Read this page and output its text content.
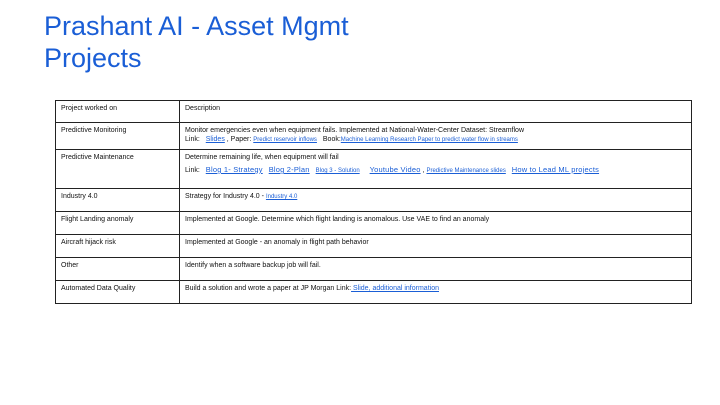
Prashant AI - Asset Mgmt
Projects
Project worked on	Description
Predictive Monitoring	Monitor emergencies even when equipment fails. Implemented at National-Water-Center Dataset: Streamflow
Link: Slides , Paper: Predict reservoir inflows Book:Machine Learning Research Paper to predict water flow in streams

Predictive Maintenance	Determine remaining life, when equipment will fail
Link: Blog 1- Strategy Blog 2-Plan Blog 3 - Solution Youtube Video , Predictive Maintenance slides How to Lead ML projects

Industry 4.0	Strategy for Industry 4.0 - Industry 4.0
Flight Landing anomaly	Implemented at Google. Determine which flight landing is anomalous. Use VAE to find an anomaly
Aircraft hijack risk	Implemented at Google - an anomaly in flight path behavior
Other	Identify when a software backup job will fail.
Automated Data Quality	Build a solution and wrote a paper at JP Morgan Link: Slide, additional information
